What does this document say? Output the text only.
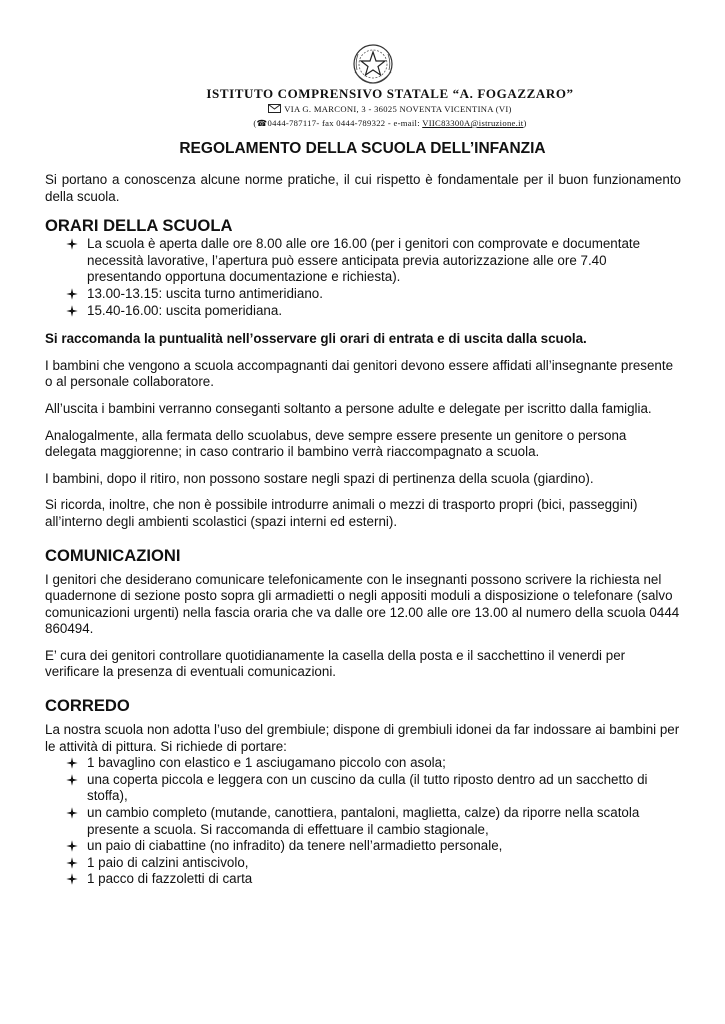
ISTITUTO COMPRENSIVO STATALE “A. FOGAZZARO”
VIA G. MARCONI, 3 - 36025 NOVENTA VICENTINA (VI)
(☎0444-787117- fax 0444-789322 - e-mail: VIIC83300A@istruzione.it)
REGOLAMENTO DELLA SCUOLA DELL’INFANZIA

Si portano a conoscenza alcune norme pratiche, il cui rispetto è fondamentale per il buon funzionamento della scuola.

ORARI DELLA SCUOLA
La scuola è aperta dalle ore 8.00 alle ore 16.00 (per i genitori con comprovate e documentate necessità lavorative, l’apertura può essere anticipata previa autorizzazione alle ore 7.40 presentando opportuna documentazione e richiesta).
13.00-13.15: uscita turno antimeridiano.
15.40-16.00: uscita pomeridiana.

Si raccomanda la puntualità nell’osservare gli orari di entrata e di uscita dalla scuola.

I bambini che vengono a scuola accompagnanti dai genitori devono essere affidati all’insegnante presente o al personale collaboratore.

All’uscita i bambini verranno conseganti soltanto a persone adulte e delegate per iscritto dalla famiglia.

Analogalmente, alla fermata dello scuolabus, deve sempre essere presente un genitore o persona delegata maggiorenne; in caso contrario il bambino verrà riaccompagnato a scuola.

I bambini, dopo il ritiro, non possono sostare negli spazi di pertinenza della scuola (giardino).

Si ricorda, inoltre, che non è possibile introdurre animali o mezzi di trasporto propri (bici, passeggini) all’interno degli ambienti scolastici (spazi interni ed esterni).

COMUNICAZIONI

I genitori che desiderano comunicare telefonicamente con le insegnanti possono scrivere la richiesta nel quadernone di sezione posto sopra gli armadietti o negli appositi moduli a disposizione o telefonare (salvo comunicazioni urgenti) nella fascia oraria che va dalle ore 12.00 alle ore 13.00 al numero della scuola 0444 860494.

E’ cura dei genitori controllare quotidianamente la casella della posta e il sacchettino il venerdi per verificare la presenza di eventuali comunicazioni.

CORREDO

La nostra scuola non adotta l’uso del grembiule; dispone di grembiuli idonei da far indossare ai bambini per le attività di pittura. Si richiede di portare:

1 bavaglino con elastico e 1 asciugamano piccolo con asola;
una coperta piccola e leggera con un cuscino da culla (il tutto riposto dentro ad un sacchetto di stoffa),
un cambio completo (mutande, canottiera, pantaloni, maglietta, calze) da riporre nella scatola presente a scuola. Si raccomanda di effettuare il cambio stagionale,
un paio di ciabattine (no infradito) da tenere nell’armadietto personale,
1 paio di calzini antiscivolo,
1 pacco di fazzoletti di carta
